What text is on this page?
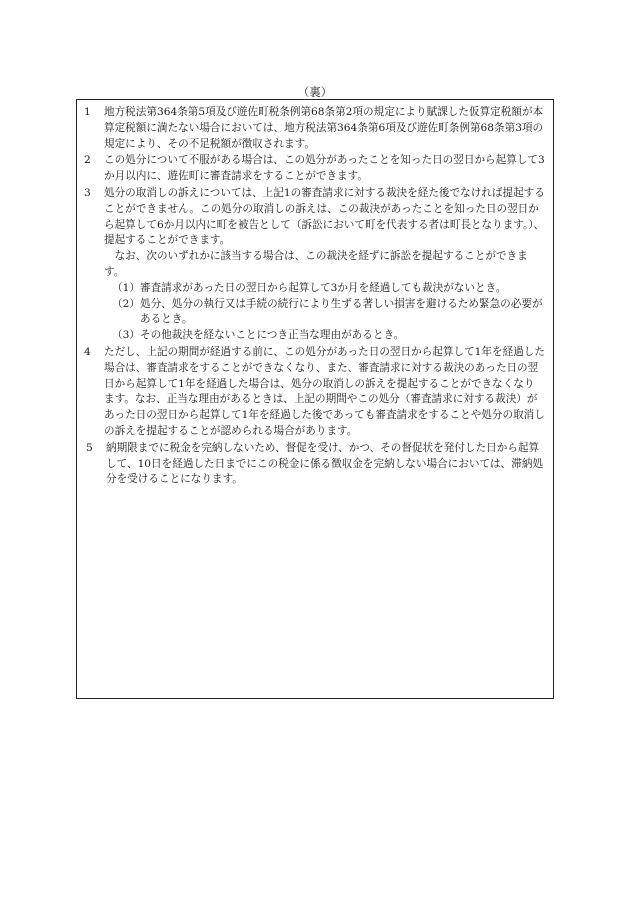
（裏）
1	地方税法第364条第5項及び遊佐町税条例第68条第2項の規定により賦課した仮算定税額が本算定税額に満たない場合においては、地方税法第364条第6項及び遊佐町条例第68条第3項の規定により、その不足税額が徴収されます。
2	この処分について不服がある場合は、この処分があったことを知った日の翌日から起算して3か月以内に、遊佐町に審査請求をすることができます。
3	処分の取消しの訴えについては、上記1の審査請求に対する裁決を経た後でなければ提起することができません。この処分の取消しの訴えは、この裁決があったことを知った日の翌日から起算して6か月以内に町を被告として（訴訟において町を代表する者は町長となります。）、提起することができます。

なお、次のいずれかに該当する場合は、この裁決を経ずに訴訟を提起することができます。

（1） 審査請求があった日の翌日から起算して3か月を経過しても裁決がないとき。
（2） 処分、処分の執行又は手続の続行により生ずる著しい損害を避けるため緊急の必要があるとき。
（3） その他裁決を経ないことにつき正当な理由があるとき。
4	ただし、上記の期間が経過する前に、この処分があった日の翌日から起算して1年を経過した場合は、審査請求をすることができなくなり、また、審査請求に対する裁決のあった日の翌日から起算して1年を経過した場合は、処分の取消しの訴えを提起することができなくなります。なお、正当な理由があるときは、上記の期間やこの処分（審査請求に対する裁決）があった日の翌日から起算して1年を経過した後であっても審査請求をすることや処分の取消しの訴えを提起することが認められる場合があります。
5	納期限までに税金を完納しないため、督促を受け、かつ、その督促状を発付した日から起算して、10日を経過した日までにこの税金に係る徴収金を完納しない場合においては、滞納処分を受けることになります。
